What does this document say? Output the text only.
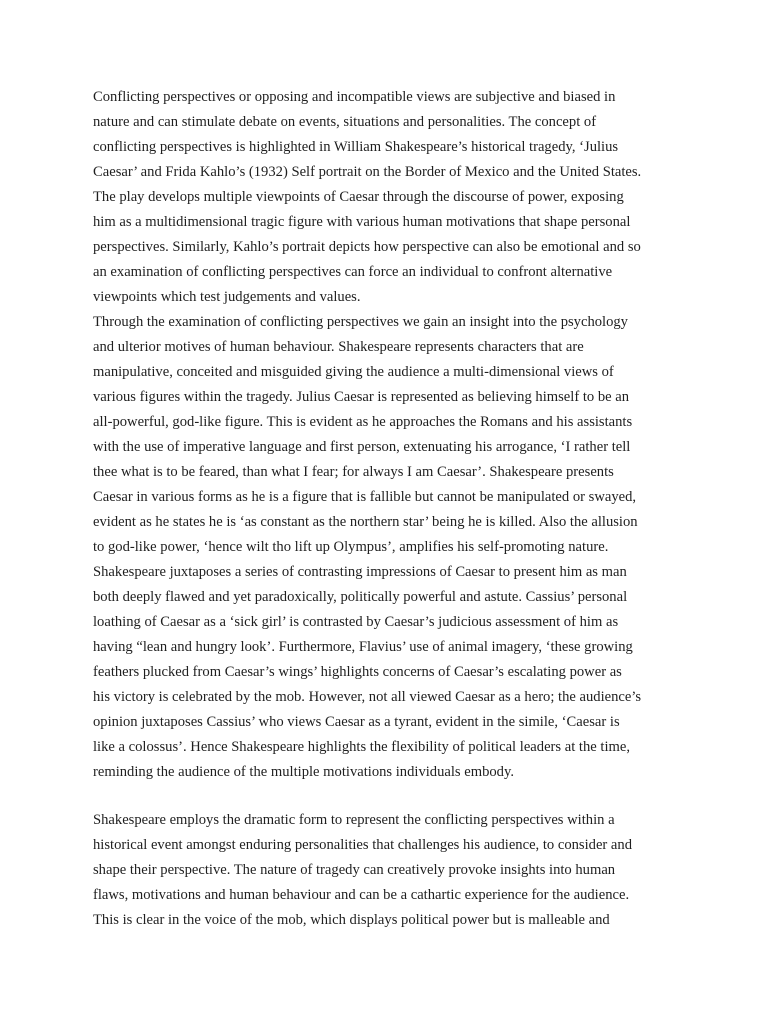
Conflicting perspectives or opposing and incompatible views are subjective and biased in
nature and can stimulate debate on events, situations and personalities. The concept of
conflicting perspectives is highlighted in William Shakespeare’s historical tragedy, ‘Julius
Caesar’ and Frida Kahlo’s (1932) Self portrait on the Border of Mexico and the United States.
The play develops multiple viewpoints of Caesar through the discourse of power, exposing
him as a multidimensional tragic figure with various human motivations that shape personal
perspectives. Similarly, Kahlo’s portrait depicts how perspective can also be emotional and so
an examination of conflicting perspectives can force an individual to confront alternative
viewpoints which test judgements and values.
Through the examination of conflicting perspectives we gain an insight into the psychology
and ulterior motives of human behaviour. Shakespeare represents characters that are
manipulative, conceited and misguided giving the audience a multi-dimensional views of
various figures within the tragedy. Julius Caesar is represented as believing himself to be an
all-powerful, god-like figure. This is evident as he approaches the Romans and his assistants
with the use of imperative language and first person, extenuating his arrogance, ‘I rather tell
thee what is to be feared, than what I fear; for always I am Caesar’. Shakespeare presents
Caesar in various forms as he is a figure that is fallible but cannot be manipulated or swayed,
evident as he states he is ‘as constant as the northern star’ being he is killed. Also the allusion
to god-like power, ‘hence wilt tho lift up Olympus’, amplifies his self-promoting nature.
Shakespeare juxtaposes a series of contrasting impressions of Caesar to present him as man
both deeply flawed and yet paradoxically, politically powerful and astute. Cassius’ personal
loathing of Caesar as a ‘sick girl’ is contrasted by Caesar’s judicious assessment of him as
having “lean and hungry look’. Furthermore, Flavius’ use of animal imagery, ‘these growing
feathers plucked from Caesar’s wings’ highlights concerns of Caesar’s escalating power as
his victory is celebrated by the mob. However, not all viewed Caesar as a hero; the audience’s
opinion juxtaposes Cassius’ who views Caesar as a tyrant, evident in the simile, ‘Caesar is
like a colossus’. Hence Shakespeare highlights the flexibility of political leaders at the time,
reminding the audience of the multiple motivations individuals embody.
Shakespeare employs the dramatic form to represent the conflicting perspectives within a
historical event amongst enduring personalities that challenges his audience, to consider and
shape their perspective. The nature of tragedy can creatively provoke insights into human
flaws, motivations and human behaviour and can be a cathartic experience for the audience.
This is clear in the voice of the mob, which displays political power but is malleable and
